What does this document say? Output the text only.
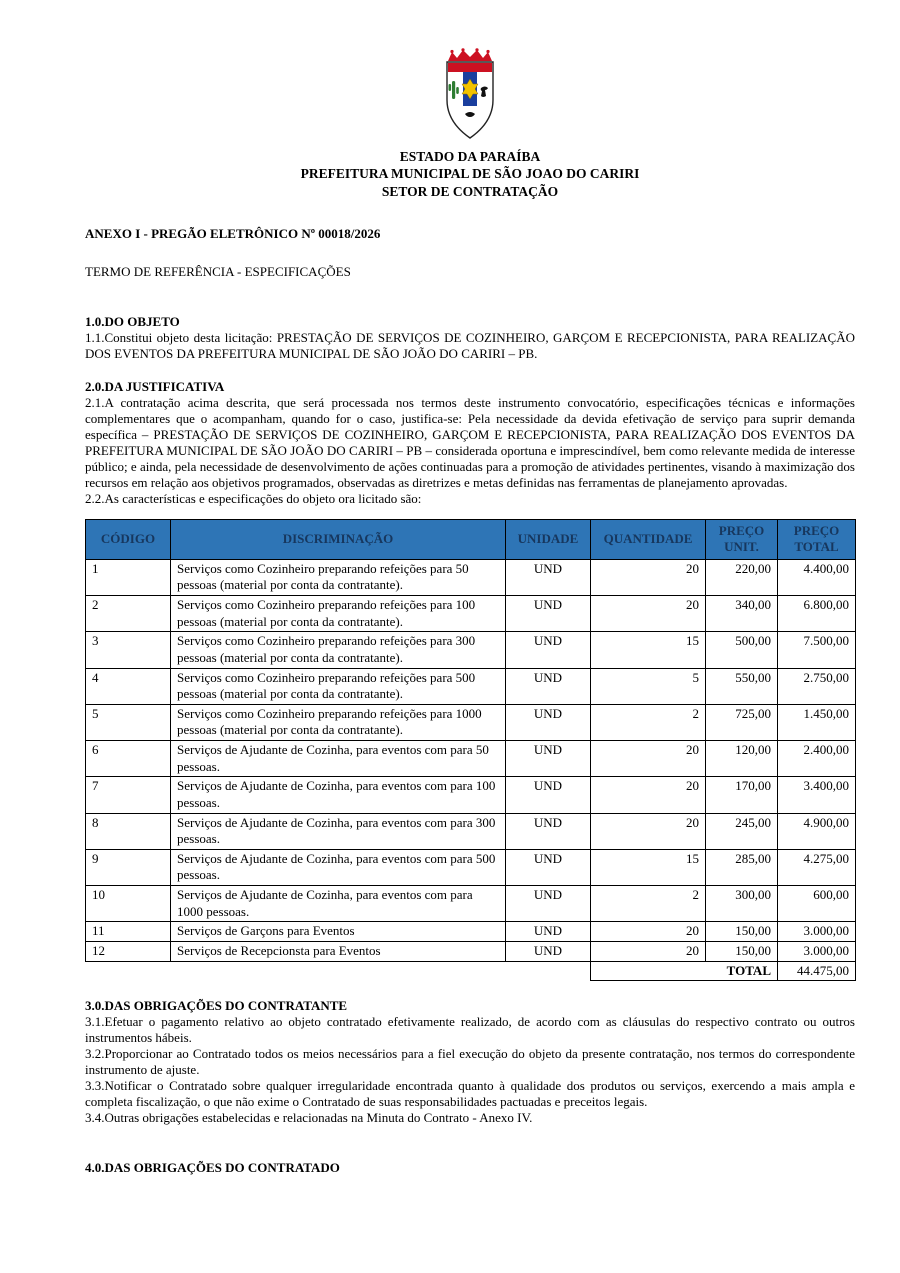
ESTADO DA PARAÍBA
PREFEITURA MUNICIPAL DE SÃO JOAO DO CARIRI
SETOR DE CONTRATAÇÃO

ANEXO I - PREGÃO ELETRÔNICO Nº 00018/2026

TERMO DE REFERÊNCIA - ESPECIFICAÇÕES

1.0.DO OBJETO

1.1.Constitui objeto desta licitação: PRESTAÇÃO DE SERVIÇOS DE COZINHEIRO, GARÇOM E RECEPCIONISTA, PARA REALIZAÇÃO DOS EVENTOS DA PREFEITURA MUNICIPAL DE SÃO JOÃO DO CARIRI – PB.

2.0.DA JUSTIFICATIVA

2.1.A contratação acima descrita, que será processada nos termos deste instrumento convocatório, especificações técnicas e informações complementares que o acompanham, quando for o caso, justifica-se: Pela necessidade da devida efetivação de serviço para suprir demanda específica – PRESTAÇÃO DE SERVIÇOS DE COZINHEIRO, GARÇOM E RECEPCIONISTA, PARA REALIZAÇÃO DOS EVENTOS DA PREFEITURA MUNICIPAL DE SÃO JOÃO DO CARIRI – PB – considerada oportuna e imprescindível, bem como relevante medida de interesse público; e ainda, pela necessidade de desenvolvimento de ações continuadas para a promoção de atividades pertinentes, visando à maximização dos recursos em relação aos objetivos programados, observadas as diretrizes e metas definidas nas ferramentas de planejamento aprovadas.

2.2.As características e especificações do objeto ora licitado são:

CÓDIGO	DISCRIMINAÇÃO	UNIDADE	QUANTIDADE	PREÇO UNIT.	PREÇO TOTAL
1	Serviços como Cozinheiro preparando refeições para 50 pessoas (material por conta da contratante).	UND	20	220,00	4.400,00
2	Serviços como Cozinheiro preparando refeições para 100 pessoas (material por conta da contratante).	UND	20	340,00	6.800,00
3	Serviços como Cozinheiro preparando refeições para 300 pessoas (material por conta da contratante).	UND	15	500,00	7.500,00
4	Serviços como Cozinheiro preparando refeições para 500 pessoas (material por conta da contratante).	UND	5	550,00	2.750,00
5	Serviços como Cozinheiro preparando refeições para 1000 pessoas (material por conta da contratante).	UND	2	725,00	1.450,00
6	Serviços de Ajudante de Cozinha, para eventos com para 50 pessoas.	UND	20	120,00	2.400,00
7	Serviços de Ajudante de Cozinha, para eventos com para 100 pessoas.	UND	20	170,00	3.400,00
8	Serviços de Ajudante de Cozinha, para eventos com para 300 pessoas.	UND	20	245,00	4.900,00
9	Serviços de Ajudante de Cozinha, para eventos com para 500 pessoas.	UND	15	285,00	4.275,00
10	Serviços de Ajudante de Cozinha, para eventos com para 1000 pessoas.	UND	2	300,00	600,00
11	Serviços de Garçons para Eventos	UND	20	150,00	3.000,00
12	Serviços de Recepcionsta para Eventos	UND	20	150,00	3.000,00
			TOTAL		44.475,00

3.0.DAS OBRIGAÇÕES DO CONTRATANTE

3.1.Efetuar o pagamento relativo ao objeto contratado efetivamente realizado, de acordo com as cláusulas do respectivo contrato ou outros instrumentos hábeis.

3.2.Proporcionar ao Contratado todos os meios necessários para a fiel execução do objeto da presente contratação, nos termos do correspondente instrumento de ajuste.

3.3.Notificar o Contratado sobre qualquer irregularidade encontrada quanto à qualidade dos produtos ou serviços, exercendo a mais ampla e completa fiscalização, o que não exime o Contratado de suas responsabilidades pactuadas e preceitos legais.

3.4.Outras obrigações estabelecidas e relacionadas na Minuta do Contrato - Anexo IV.

4.0.DAS OBRIGAÇÕES DO CONTRATADO
